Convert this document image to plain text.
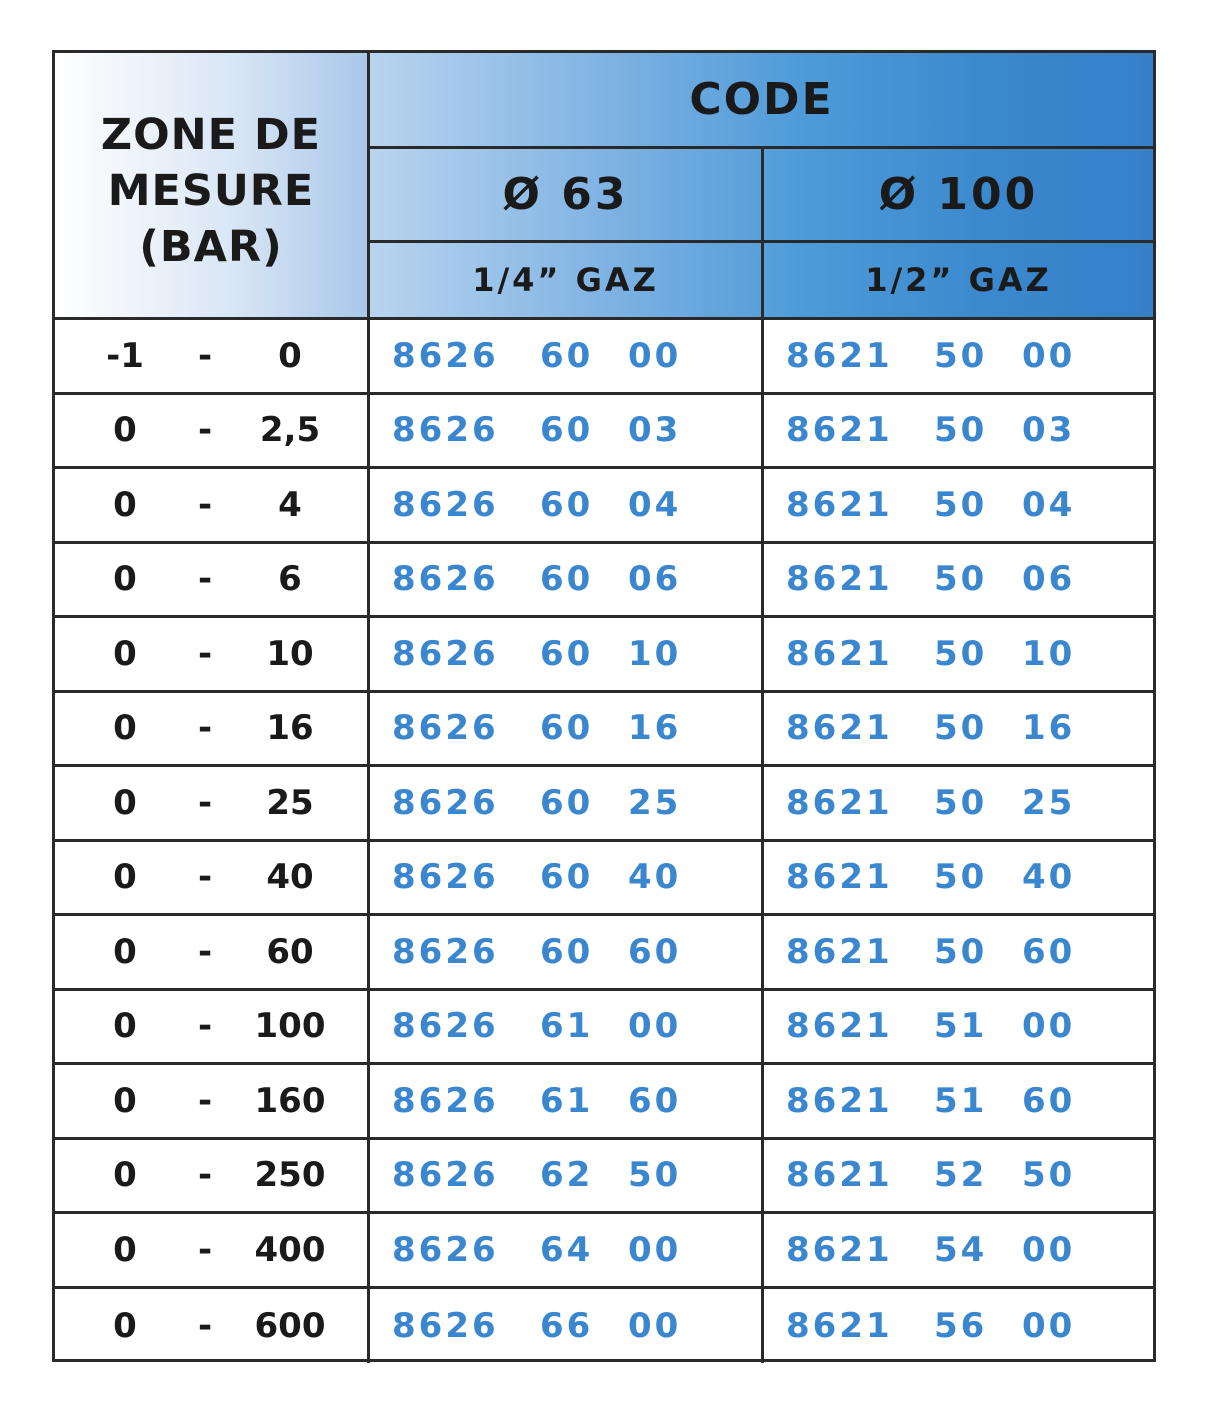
ZONE DE
MESURE
(BAR)
CODE
Ø 63	Ø 100
1/4” GAZ	1/2” GAZ
-1 -	0	8626 60 00	8621 50 00
0 -	2,5	8626 60 03	8621 50 03
0 -	4	8626 60 04	8621 50 04
0 -	6	8626 60 06	8621 50 06
0 -	10	8626 60 10	8621 50 10
0 -	16	8626 60 16	8621 50 16
0 -	25	8626 60 25	8621 50 25
0 -	40	8626 60 40	8621 50 40
0 -	60	8626 60 60	8621 50 60
0 -	100	8626 61 00	8621 51 00
0 -	160	8626 61 60	8621 51 60
0 -	250	8626 62 50	8621 52 50
0 -	400	8626 64 00	8621 54 00
0 -	600	8626 66 00	8621 56 00
